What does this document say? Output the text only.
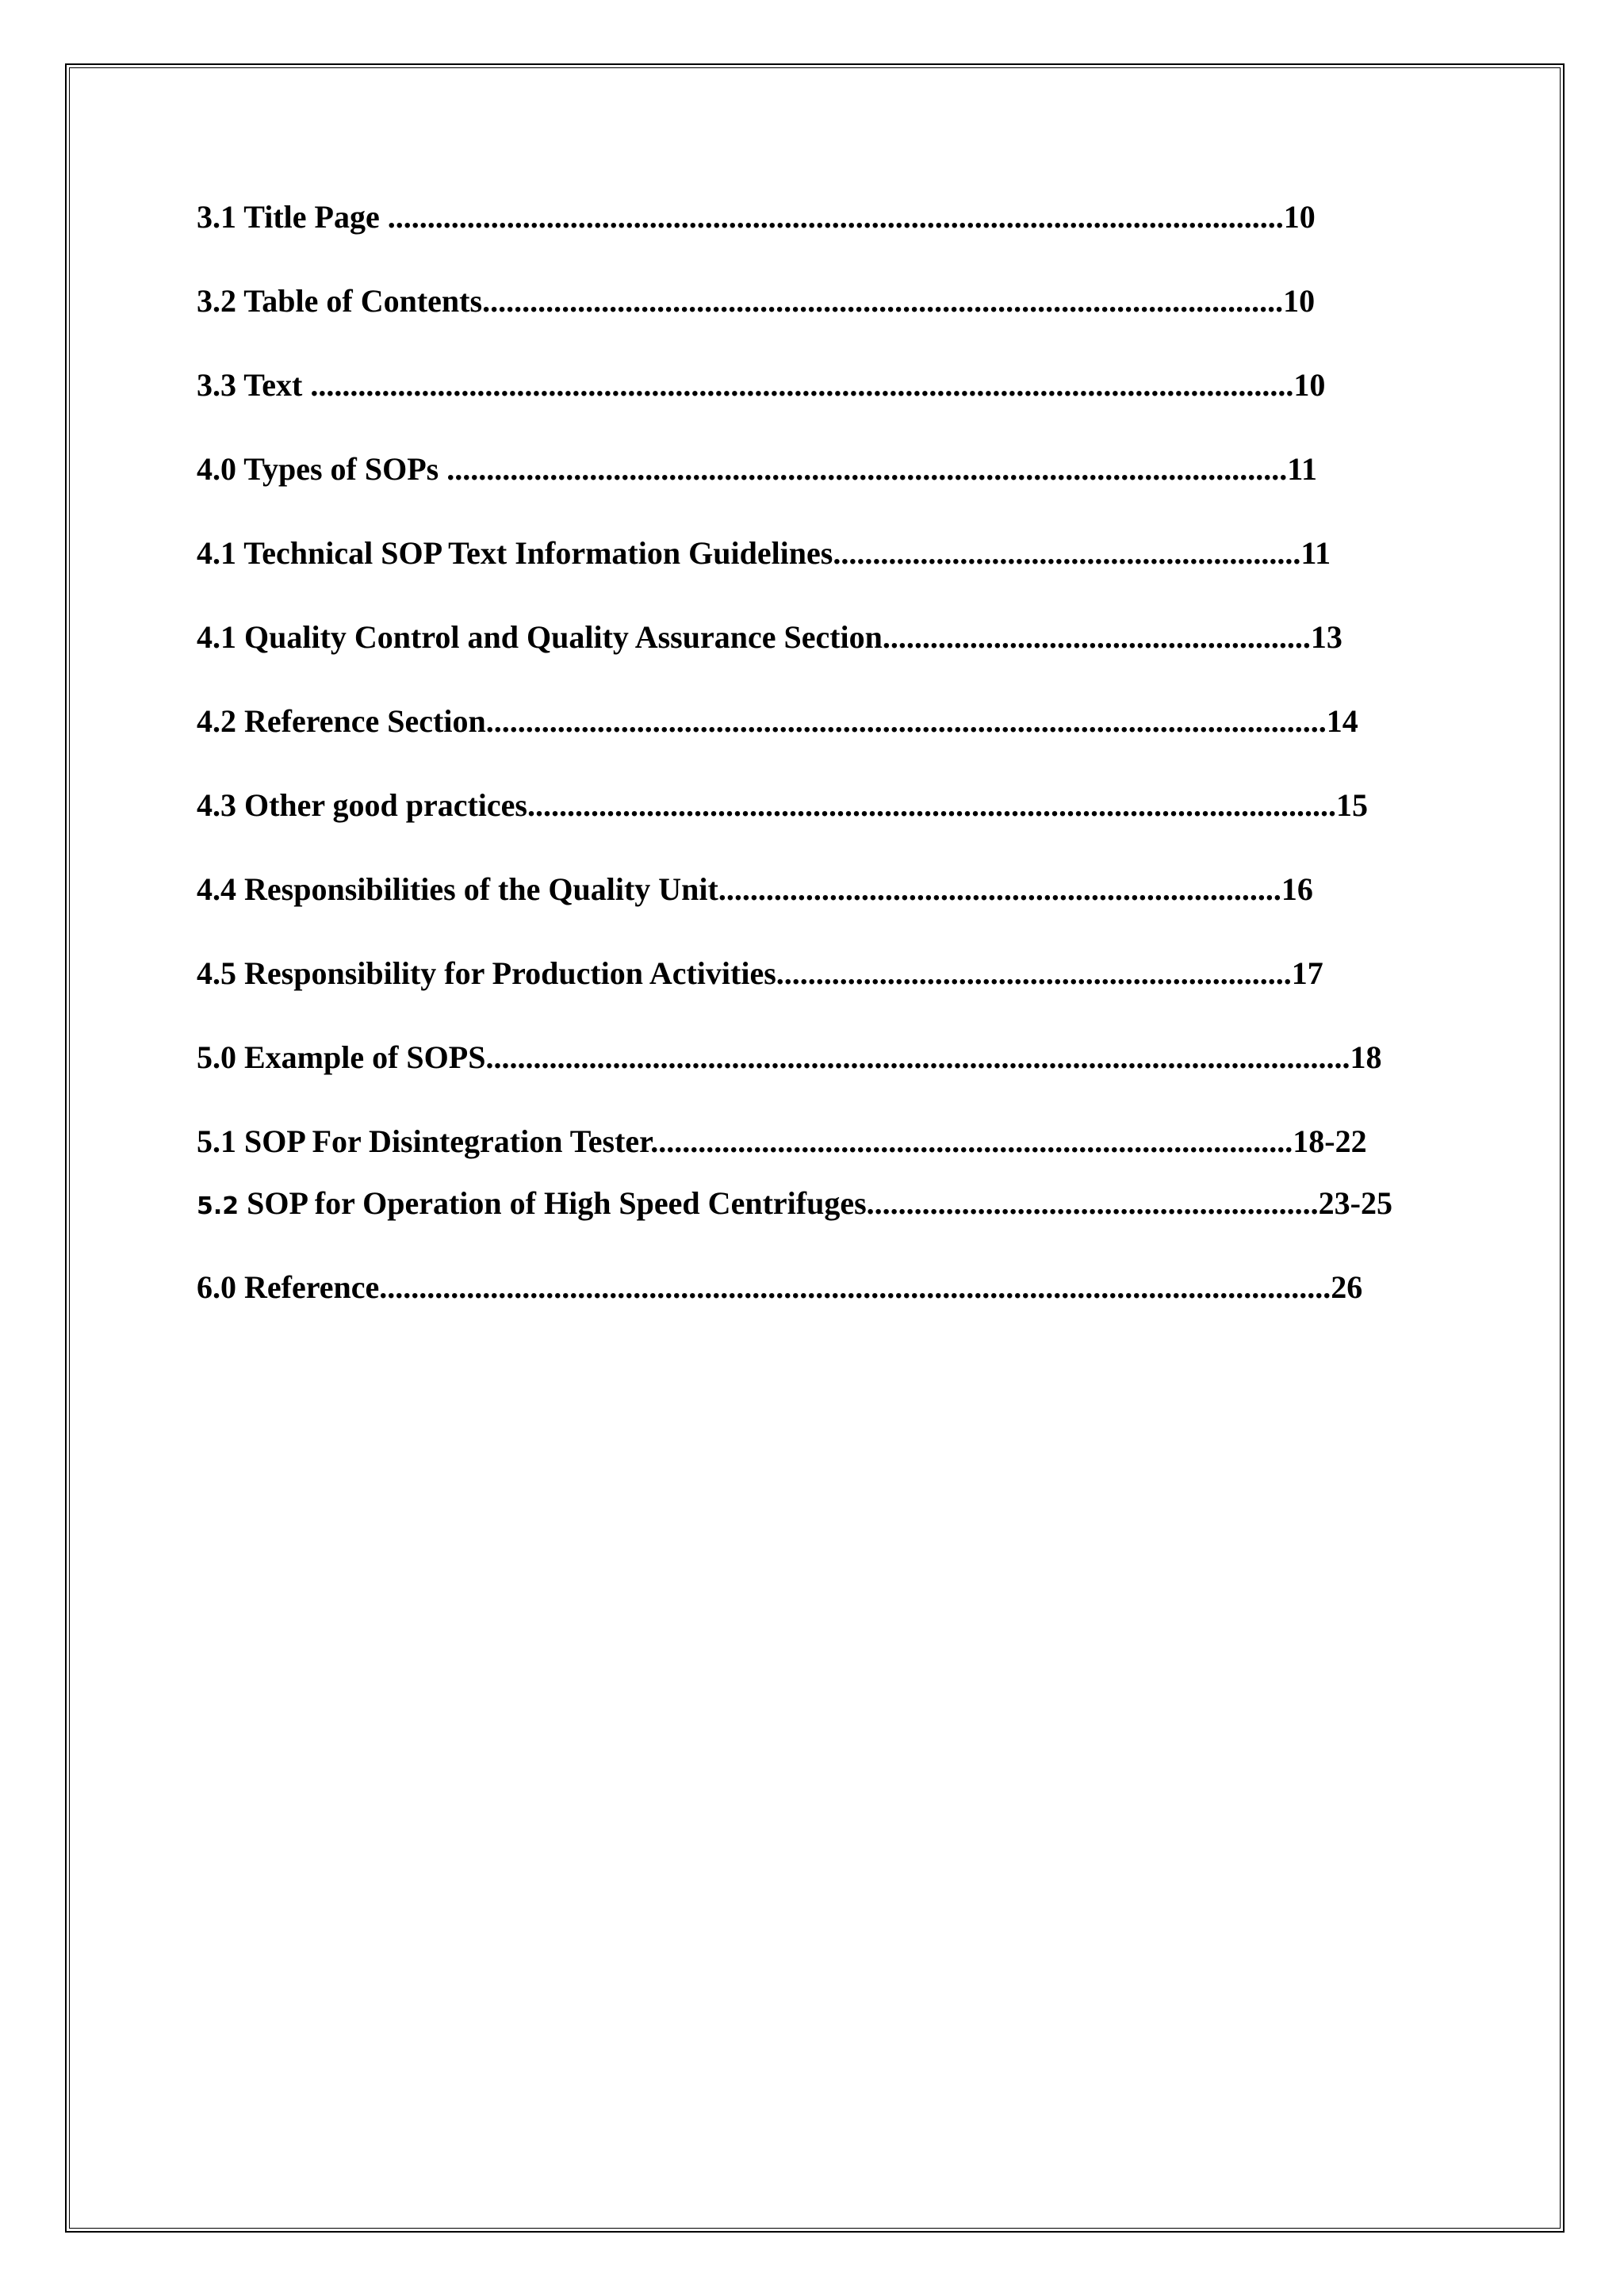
3.1 Title Page .................................................................................................................10
3.2 Table of Contents.....................................................................................................10
3.3 Text ............................................................................................................................10
4.0 Types of SOPs ..........................................................................................................11
4.1 Technical SOP Text Information Guidelines...........................................................11
4.1 Quality Control and Quality Assurance Section......................................................13
4.2 Reference Section..........................................................................................................14
4.3 Other good practices......................................................................................................15
4.4 Responsibilities of the Quality Unit.......................................................................16
4.5 Responsibility for Production Activities.................................................................17
5.0 Example of SOPS.............................................................................................................18
5.1 SOP For Disintegration Tester.................................................................................18-22
5.2 SOP for Operation of High Speed Centrifuges.........................................................23-25
6.0 Reference........................................................................................................................26
